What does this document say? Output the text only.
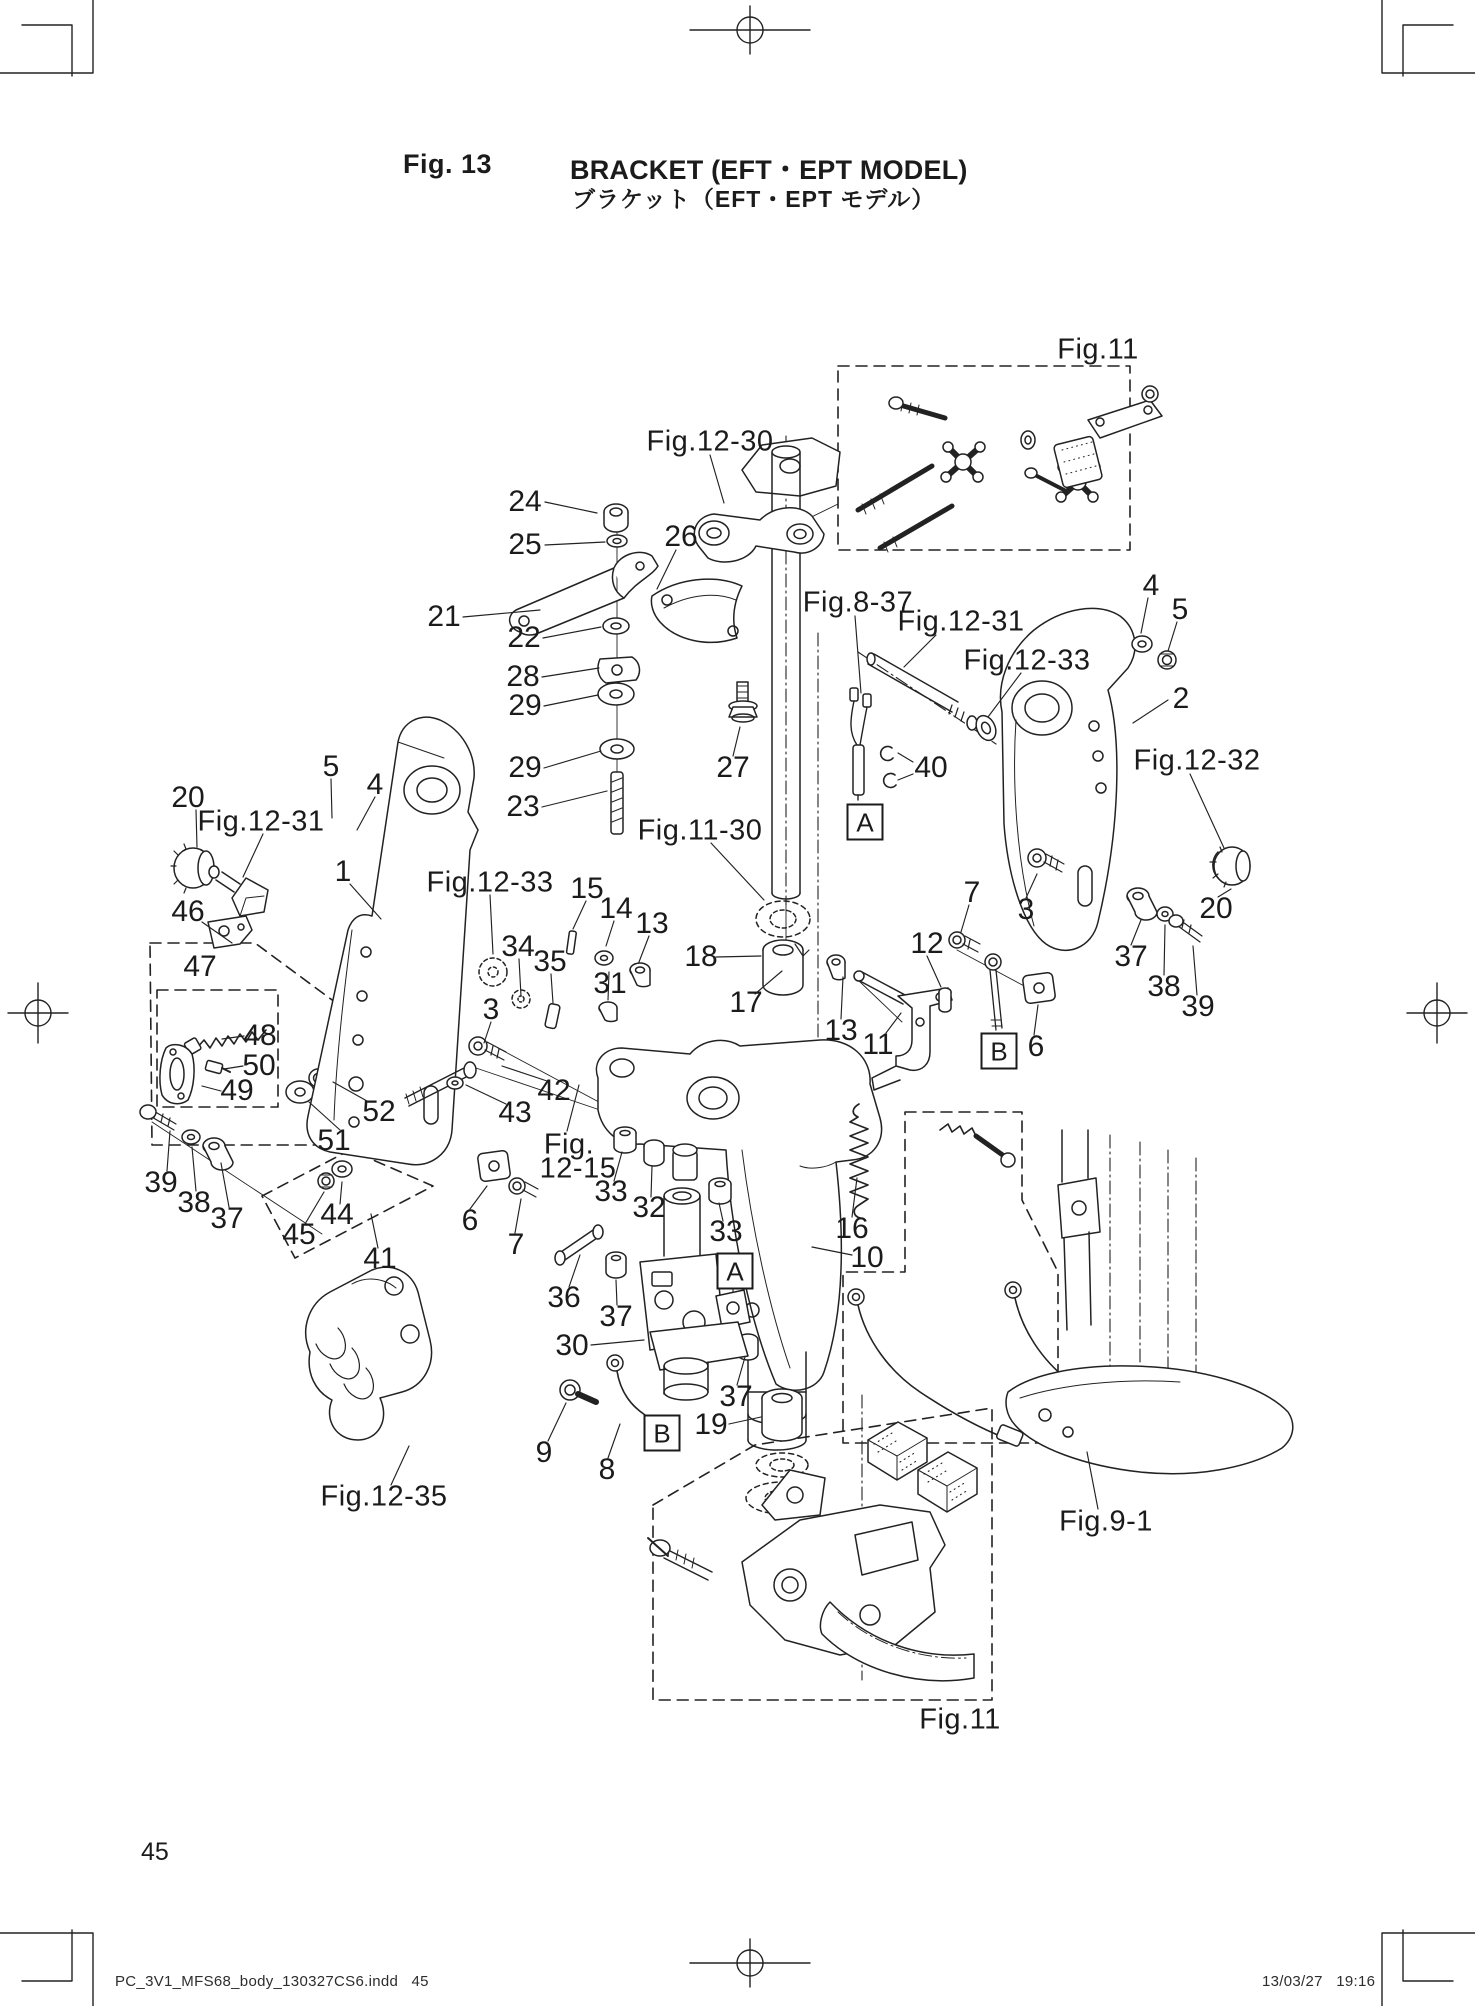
Fig. 13	BRACKET (EFT・EPT MODEL)
ブラケット（EFT・EPT モデル）
24
25	26
21
22
28
29
29
23
27	40
4
5
2
20
5
4
1
46
47
48
50
49
39
38 37 45
44
41
51
52
3
34
35
15
14 13
31
18
17
42
43
33 32
33	16
10
36
37
30
9
8
19
37
6
7
12
13 11	6
7
3
37
38
39
20
Fig.11
Fig.12-30
Fig.8-37
Fig.12-31
Fig.12-33
Fig.12-32
Fig.12-31
Fig.12-33
Fig.11-30
Fig.
12-15
Fig.12-35
Fig.9-1
Fig.11
A
B
A
B
45
PC_3V1_MFS68_body_130327CS6.indd   45	13/03/27   19:16
